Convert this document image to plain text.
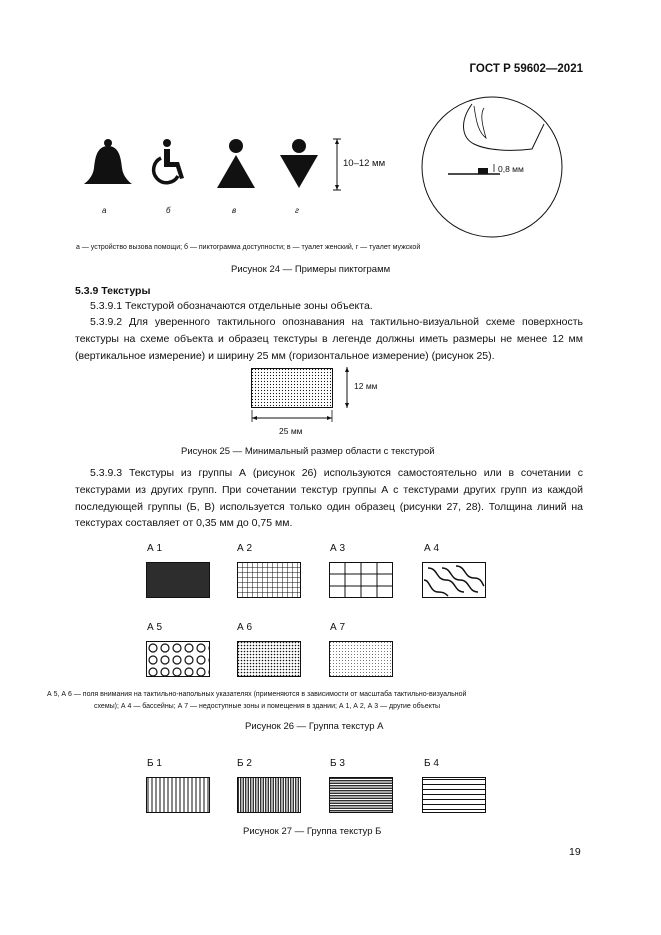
ГОСТ Р 59602—2021
10–12 мм
а	б	в	г
0,8 мм
а — устройство вызова помощи; б — пиктограмма доступности; в — туалет женский, г — туалет мужской
Рисунок 24 — Примеры пиктограмм
5.3.9 Текстуры
5.3.9.1 Текстурой обозначаются отдельные зоны объекта.
5.3.9.2 Для уверенного тактильного опознавания на тактильно-визуальной схеме поверхность текстуры на схеме объекта и образец текстуры в легенде должны иметь размеры не менее 12 мм (вертикальное измерение) и ширину 25 мм (горизонтальное измерение) (рисунок 25).
12 мм
25 мм
Рисунок 25 — Минимальный размер области с текстурой
5.3.9.3 Текстуры из группы А (рисунок 26) используются самостоятельно или в сочетании с текстурами из других групп. При сочетании текстур группы А с текстурами других групп из каждой последующей группы (Б, В) используется только один образец (рисунки 27, 28). Толщина линий на текстурах составляет от 0,35 мм до 0,75 мм.
А 1	А 2	А 3	А 4
А 5	А 6	А 7
А 5, А 6 — поля внимания на тактильно-напольных указателях (применяются в зависимости от масштаба тактильно-визуальной
схемы); А 4 — бассейны; А 7 — недоступные зоны и помещения в здании; А 1, А 2, А 3 — другие объекты
Рисунок 26 — Группа текстур А
Б 1	Б 2	Б 3	Б 4
Рисунок 27 — Группа текстур Б
19
